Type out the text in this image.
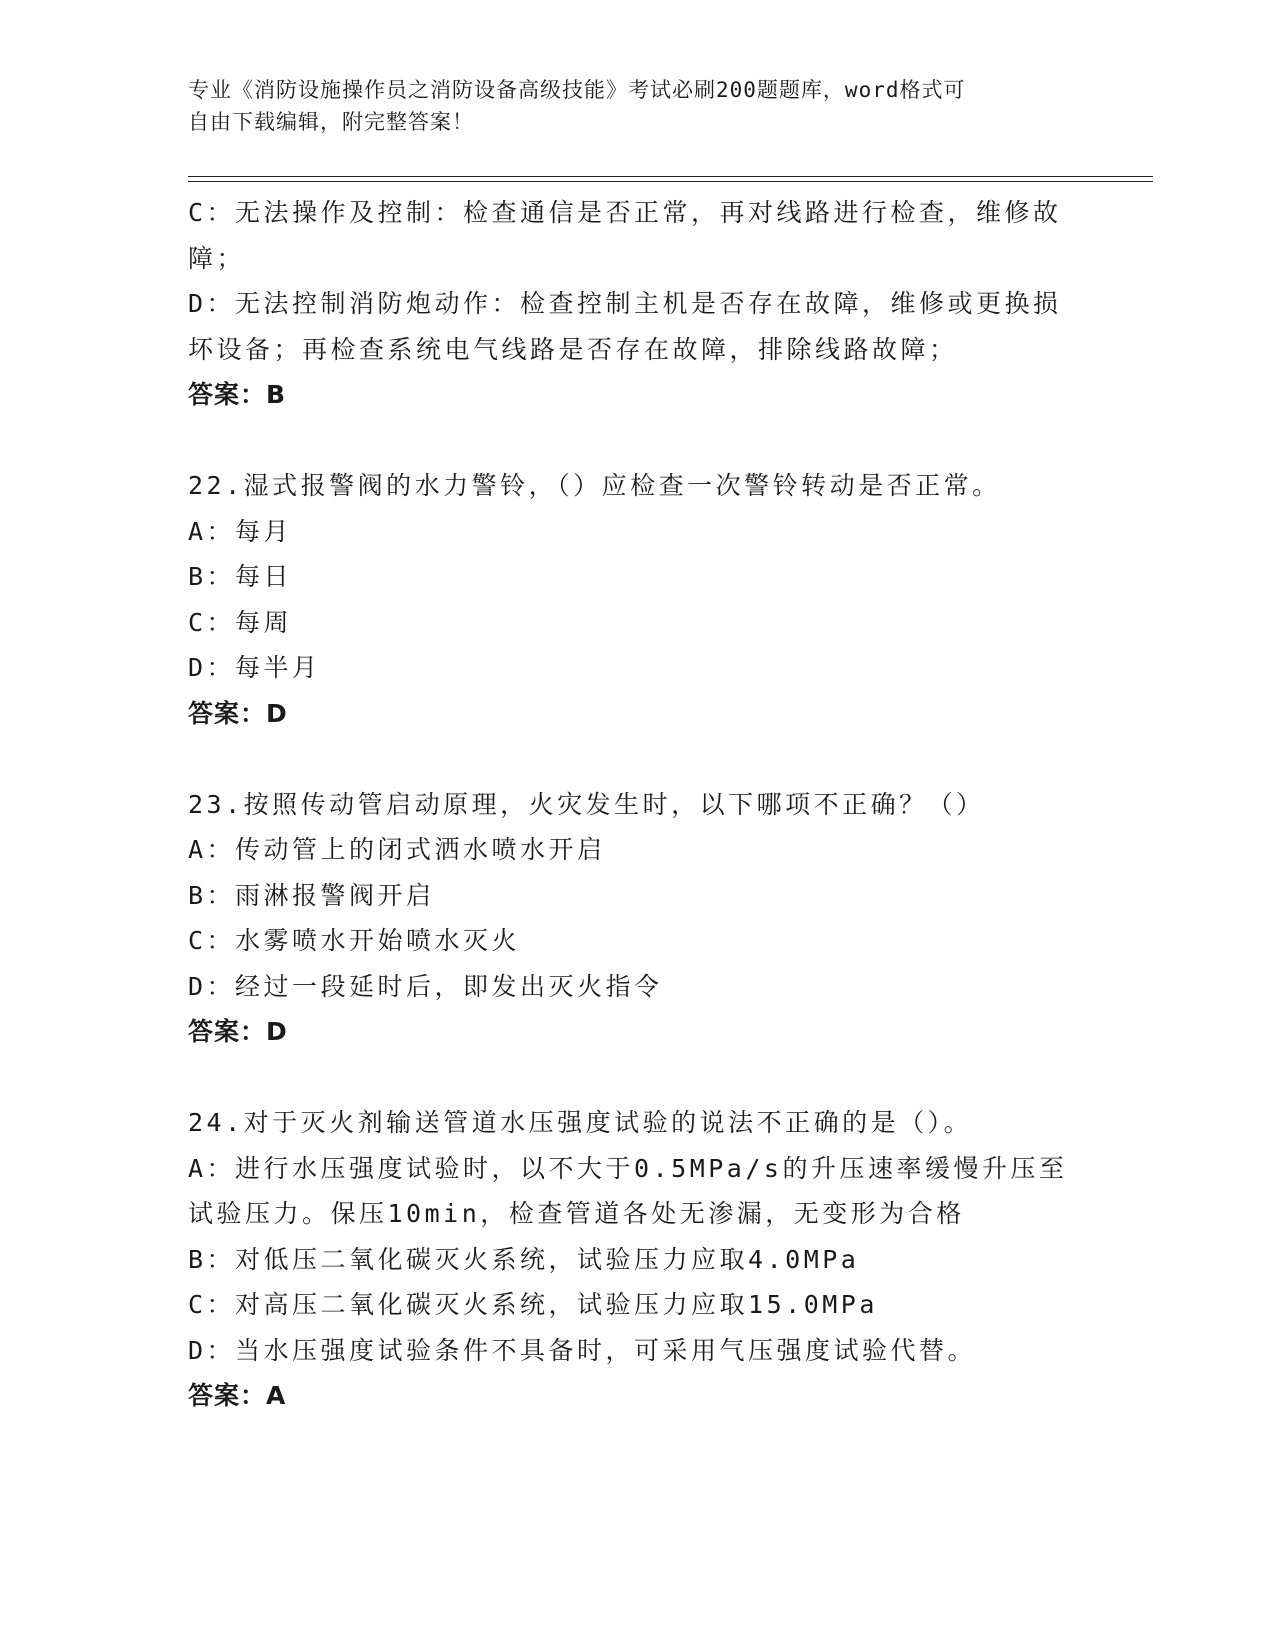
专业《消防设施操作员之消防设备高级技能》考试必刷200题题库，word格式可
自由下载编辑，附完整答案！
C：无法操作及控制：检查通信是否正常，再对线路进行检查，维修故
障；
D：无法控制消防炮动作：检查控制主机是否存在故障，维修或更换损
坏设备；再检查系统电气线路是否存在故障，排除线路故障；
答案：B
22.湿式报警阀的水力警铃，（）应检查一次警铃转动是否正常。
A：每月
B：每日
C：每周
D：每半月
答案：D
23.按照传动管启动原理，火灾发生时，以下哪项不正确？（）
A：传动管上的闭式洒水喷水开启
B：雨淋报警阀开启
C：水雾喷水开始喷水灭火
D：经过一段延时后，即发出灭火指令
答案：D
24.对于灭火剂输送管道水压强度试验的说法不正确的是（）。
A：进行水压强度试验时，以不大于0.5MPa/s的升压速率缓慢升压至
试验压力。保压10min，检查管道各处无渗漏，无变形为合格
B：对低压二氧化碳灭火系统，试验压力应取4.0MPa
C：对高压二氧化碳灭火系统，试验压力应取15.0MPa
D：当水压强度试验条件不具备时，可采用气压强度试验代替。
答案：A
